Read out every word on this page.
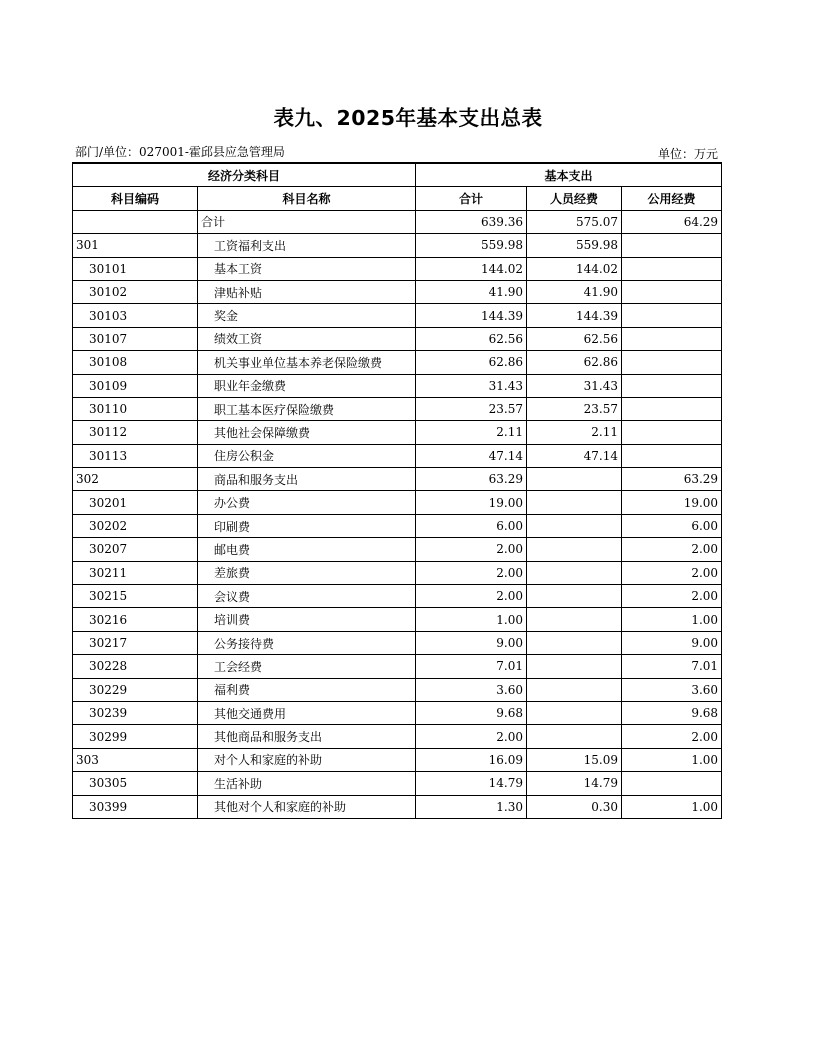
表九、2025年基本支出总表
部门/单位：027001-霍邱县应急管理局	单位：万元
经济分类科目		基本支出		
科目编码	科目名称	合计	人员经费	公用经费
	合计	639.36	575.07	64.29
301	工资福利支出	559.98	559.98	
30101	基本工资	144.02	144.02	
30102	津贴补贴	41.90	41.90	
30103	奖金	144.39	144.39	
30107	绩效工资	62.56	62.56	
30108	机关事业单位基本养老保险缴费	62.86	62.86	
30109	职业年金缴费	31.43	31.43	
30110	职工基本医疗保险缴费	23.57	23.57	
30112	其他社会保障缴费	2.11	2.11	
30113	住房公积金	47.14	47.14	
302	商品和服务支出	63.29		63.29
30201	办公费	19.00		19.00
30202	印刷费	6.00		6.00
30207	邮电费	2.00		2.00
30211	差旅费	2.00		2.00
30215	会议费	2.00		2.00
30216	培训费	1.00		1.00
30217	公务接待费	9.00		9.00
30228	工会经费	7.01		7.01
30229	福利费	3.60		3.60
30239	其他交通费用	9.68		9.68
30299	其他商品和服务支出	2.00		2.00
303	对个人和家庭的补助	16.09	15.09	1.00
30305	生活补助	14.79	14.79	
30399	其他对个人和家庭的补助	1.30	0.30	1.00
